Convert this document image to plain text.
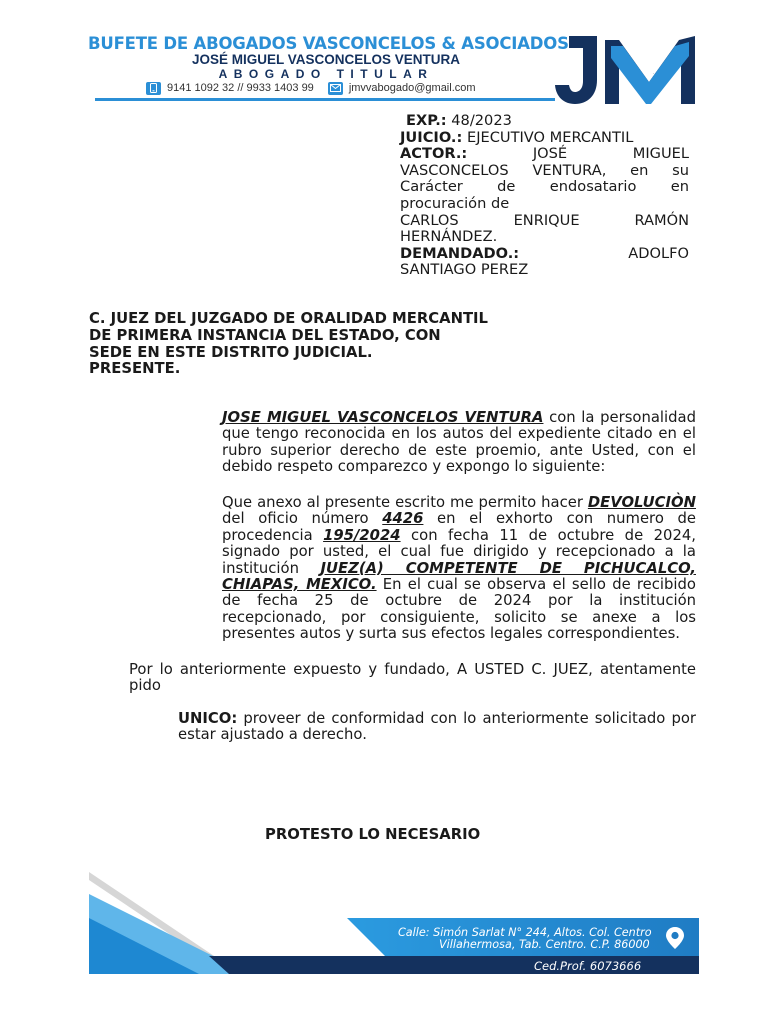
BUFETE DE ABOGADOS VASCONCELOS & ASOCIADOS
JOSÉ MIGUEL VASCONCELOS VENTURA
ABOGADO TITULAR
9141 1092 32 // 9933 1403 99	jmvvabogado@gmail.com
JM
EXP.: 48/2023
JUICIO.: EJECUTIVO MERCANTIL
ACTOR.:	JOSÉ	MIGUEL
VASCONCELOS VENTURA, en su Carácter de endosatario en procuración de
CARLOS	ENRIQUE	RAMÓN
HERNÁNDEZ.
DEMANDADO.:	ADOLFO
SANTIAGO PEREZ
C. JUEZ DEL JUZGADO DE ORALIDAD MERCANTIL
DE PRIMERA INSTANCIA DEL ESTADO, CON
SEDE EN ESTE DISTRITO JUDICIAL.
PRESENTE.
JOSE MIGUEL VASCONCELOS VENTURA con la personalidad que tengo reconocida en los autos del expediente citado en el rubro superior derecho de este proemio, ante Usted, con el debido respeto comparezco y expongo lo siguiente:
Que anexo al presente escrito me permito hacer DEVOLUCIÒN del oficio número 4426 en el exhorto con numero de procedencia 195/2024 con fecha 11 de octubre de 2024, signado por usted, el cual fue dirigido y recepcionado a la institución JUEZ(A) COMPETENTE DE PICHUCALCO, CHIAPAS, MEXICO. En el cual se observa el sello de recibido de fecha 25 de octubre de 2024 por la institución recepcionado, por consiguiente, solicito se anexe a los presentes autos y surta sus efectos legales correspondientes.
Por lo anteriormente expuesto y fundado, A USTED C. JUEZ, atentamente pido
UNICO: proveer de conformidad con lo anteriormente solicitado por estar ajustado a derecho.
PROTESTO LO NECESARIO
Calle: Simón Sarlat N° 244, Altos. Col. Centro
Villahermosa, Tab. Centro. C.P. 86000
Ced.Prof. 6073666
